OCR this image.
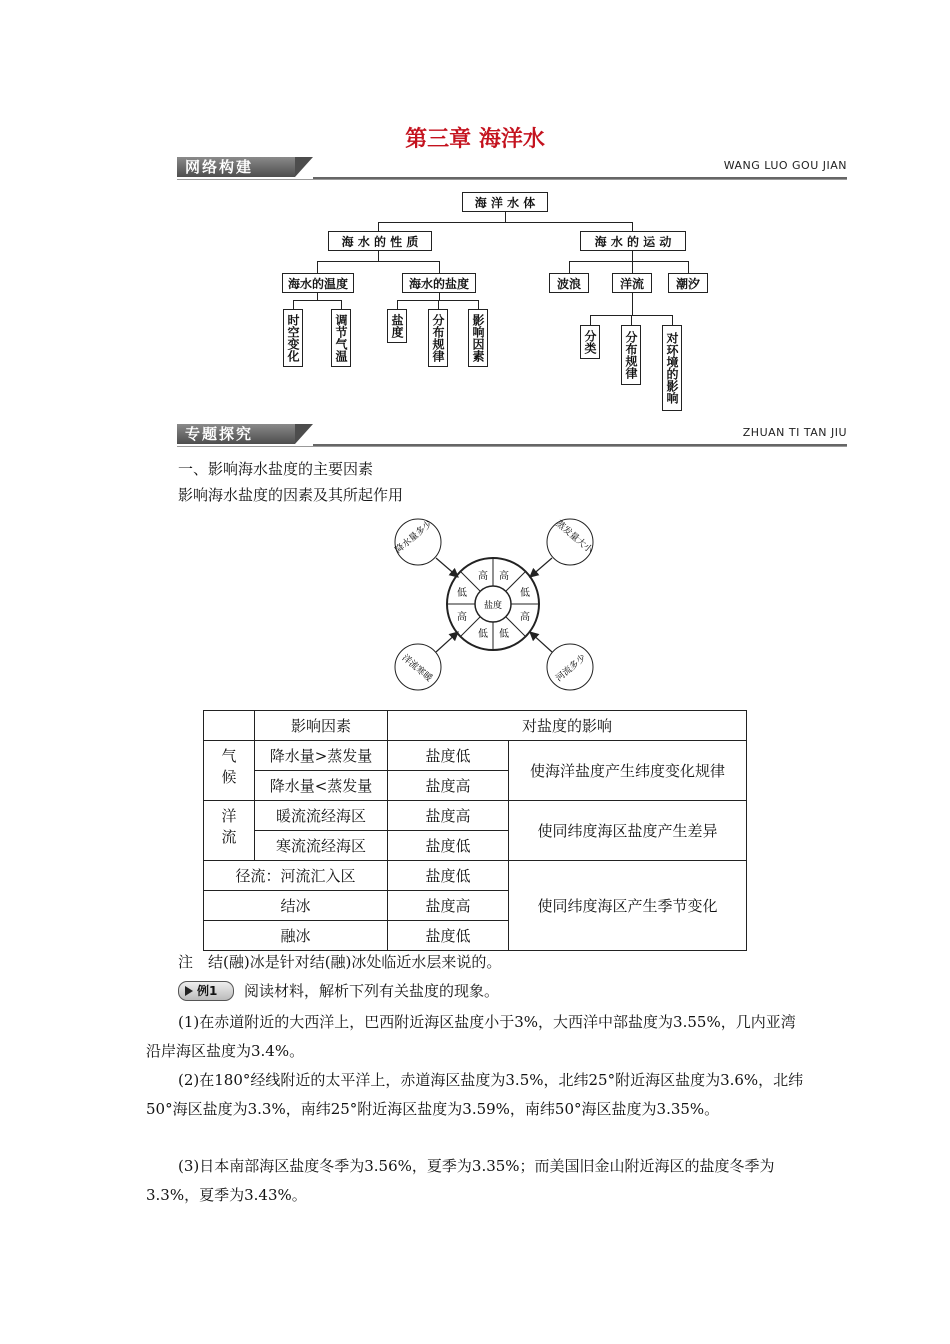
第三章 海洋水
网络构建	WANG LUO GOU JIAN
海 洋 水 体
海 水 的 性 质	海 水 的 运 动
海水的温度	海水的盐度	波浪	洋流	潮汐
时空变化	调节气温	盐度 分布规律 影响因素	分类 分布规律 对环境的影响
专题探究	ZHUAN TI TAN JIU
一、影响海水盐度的主要因素
影响海水盐度的因素及其所起作用
盐度
高 高
低
高
低
低
高
低
降水量多少	蒸发量大小
洋流寒暖	河流多少
	影响因素	对盐度的影响	
气候	降水量>蒸发量	盐度低	使海洋盐度产生纬度变化规律
	降水量<蒸发量	盐度高	
洋流	暖流流经海区	盐度高	使同纬度海区盐度产生差异
	寒流流经海区	盐度低	
径流：河流汇入区		盐度低	使同纬度海区产生季节变化
结冰		盐度高	
融冰		盐度低	
注　结(融)冰是针对结(融)冰处临近水层来说的。
例1 阅读材料，解析下列有关盐度的现象。
(1)在赤道附近的大西洋上，巴西附近海区盐度小于3%，大西洋中部盐度为3.55%，几内亚湾沿岸海区盐度为3.4%。
(2)在180°经线附近的太平洋上，赤道海区盐度为3.5%，北纬25°附近海区盐度为3.6%，北纬50°海区盐度为3.3%，南纬25°附近海区盐度为3.59%，南纬50°海区盐度为3.35%。
(3)日本南部海区盐度冬季为3.56%，夏季为3.35%；而美国旧金山附近海区的盐度冬季为3.3%，夏季为3.43%。
